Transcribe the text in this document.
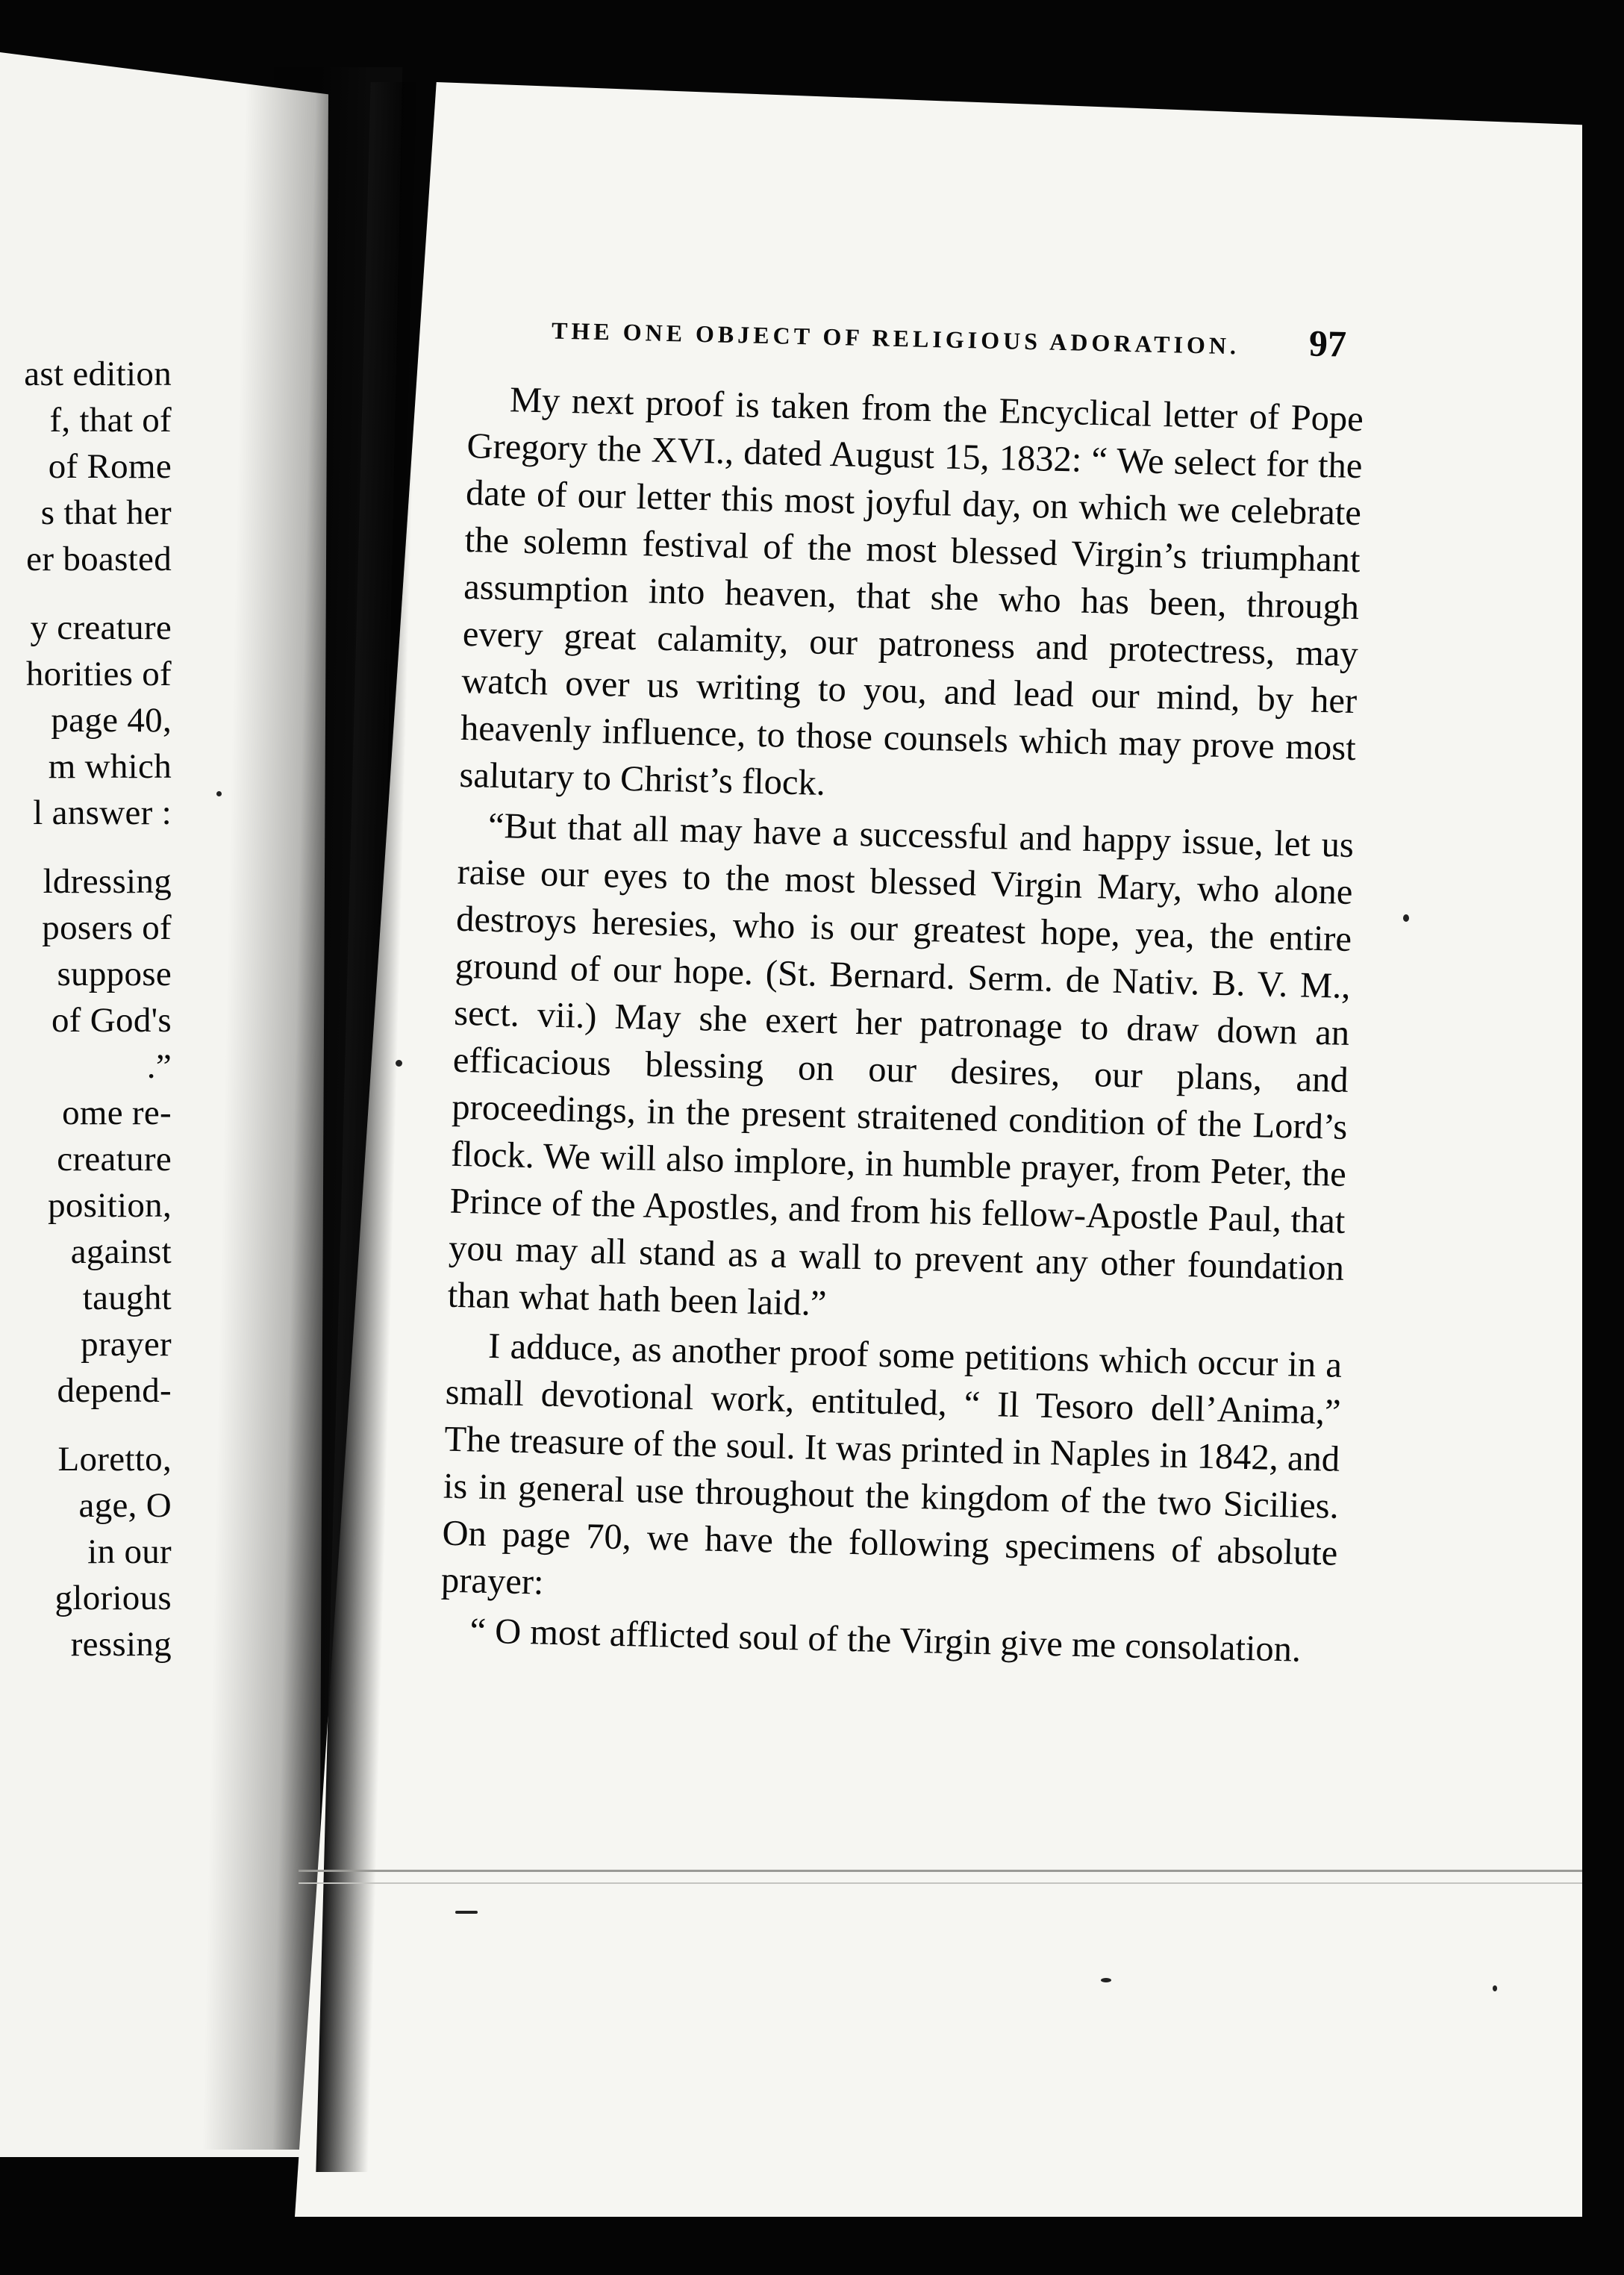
ast edition
f, that of
of Rome
s that her
er boasted
y creature
horities of
page 40,
m which
l answer :
ldressing
posers of
suppose
of God's
.”
ome re-
creature
position,
against
taught
prayer
depend-
Loretto,
age, O
in our
glorious
ressing
THE ONE OBJECT OF RELIGIOUS ADORATION. 97

My next proof is taken from the Encyclical letter of Pope Gregory the XVI., dated August 15, 1832: “ We select for the date of our letter this most joyful day, on which we celebrate the solemn festival of the most blessed Virgin’s triumphant assumption into heaven, that she who has been, through every great calamity, our patroness and protectress, may watch over us writing to you, and lead our mind, by her heavenly influence, to those counsels which may prove most salutary to Christ’s flock.

“But that all may have a successful and happy issue, let us raise our eyes to the most blessed Virgin Mary, who alone destroys heresies, who is our greatest hope, yea, the entire ground of our hope. (St. Bernard. Serm. de Nativ. B. V. M., sect. vii.) May she exert her patronage to draw down an efficacious blessing on our desires, our plans, and proceedings, in the present straitened condition of the Lord’s flock. We will also implore, in humble prayer, from Peter, the Prince of the Apostles, and from his fellow-Apostle Paul, that you may all stand as a wall to prevent any other foundation than what hath been laid.”

I adduce, as another proof some petitions which occur in a small devotional work, entituled, “ Il Tesoro dell’Anima,” The treasure of the soul. It was printed in Naples in 1842, and is in general use throughout the kingdom of the two Sicilies. On page 70, we have the following specimens of absolute prayer:

“ O most afflicted soul of the Virgin give me consolation.
